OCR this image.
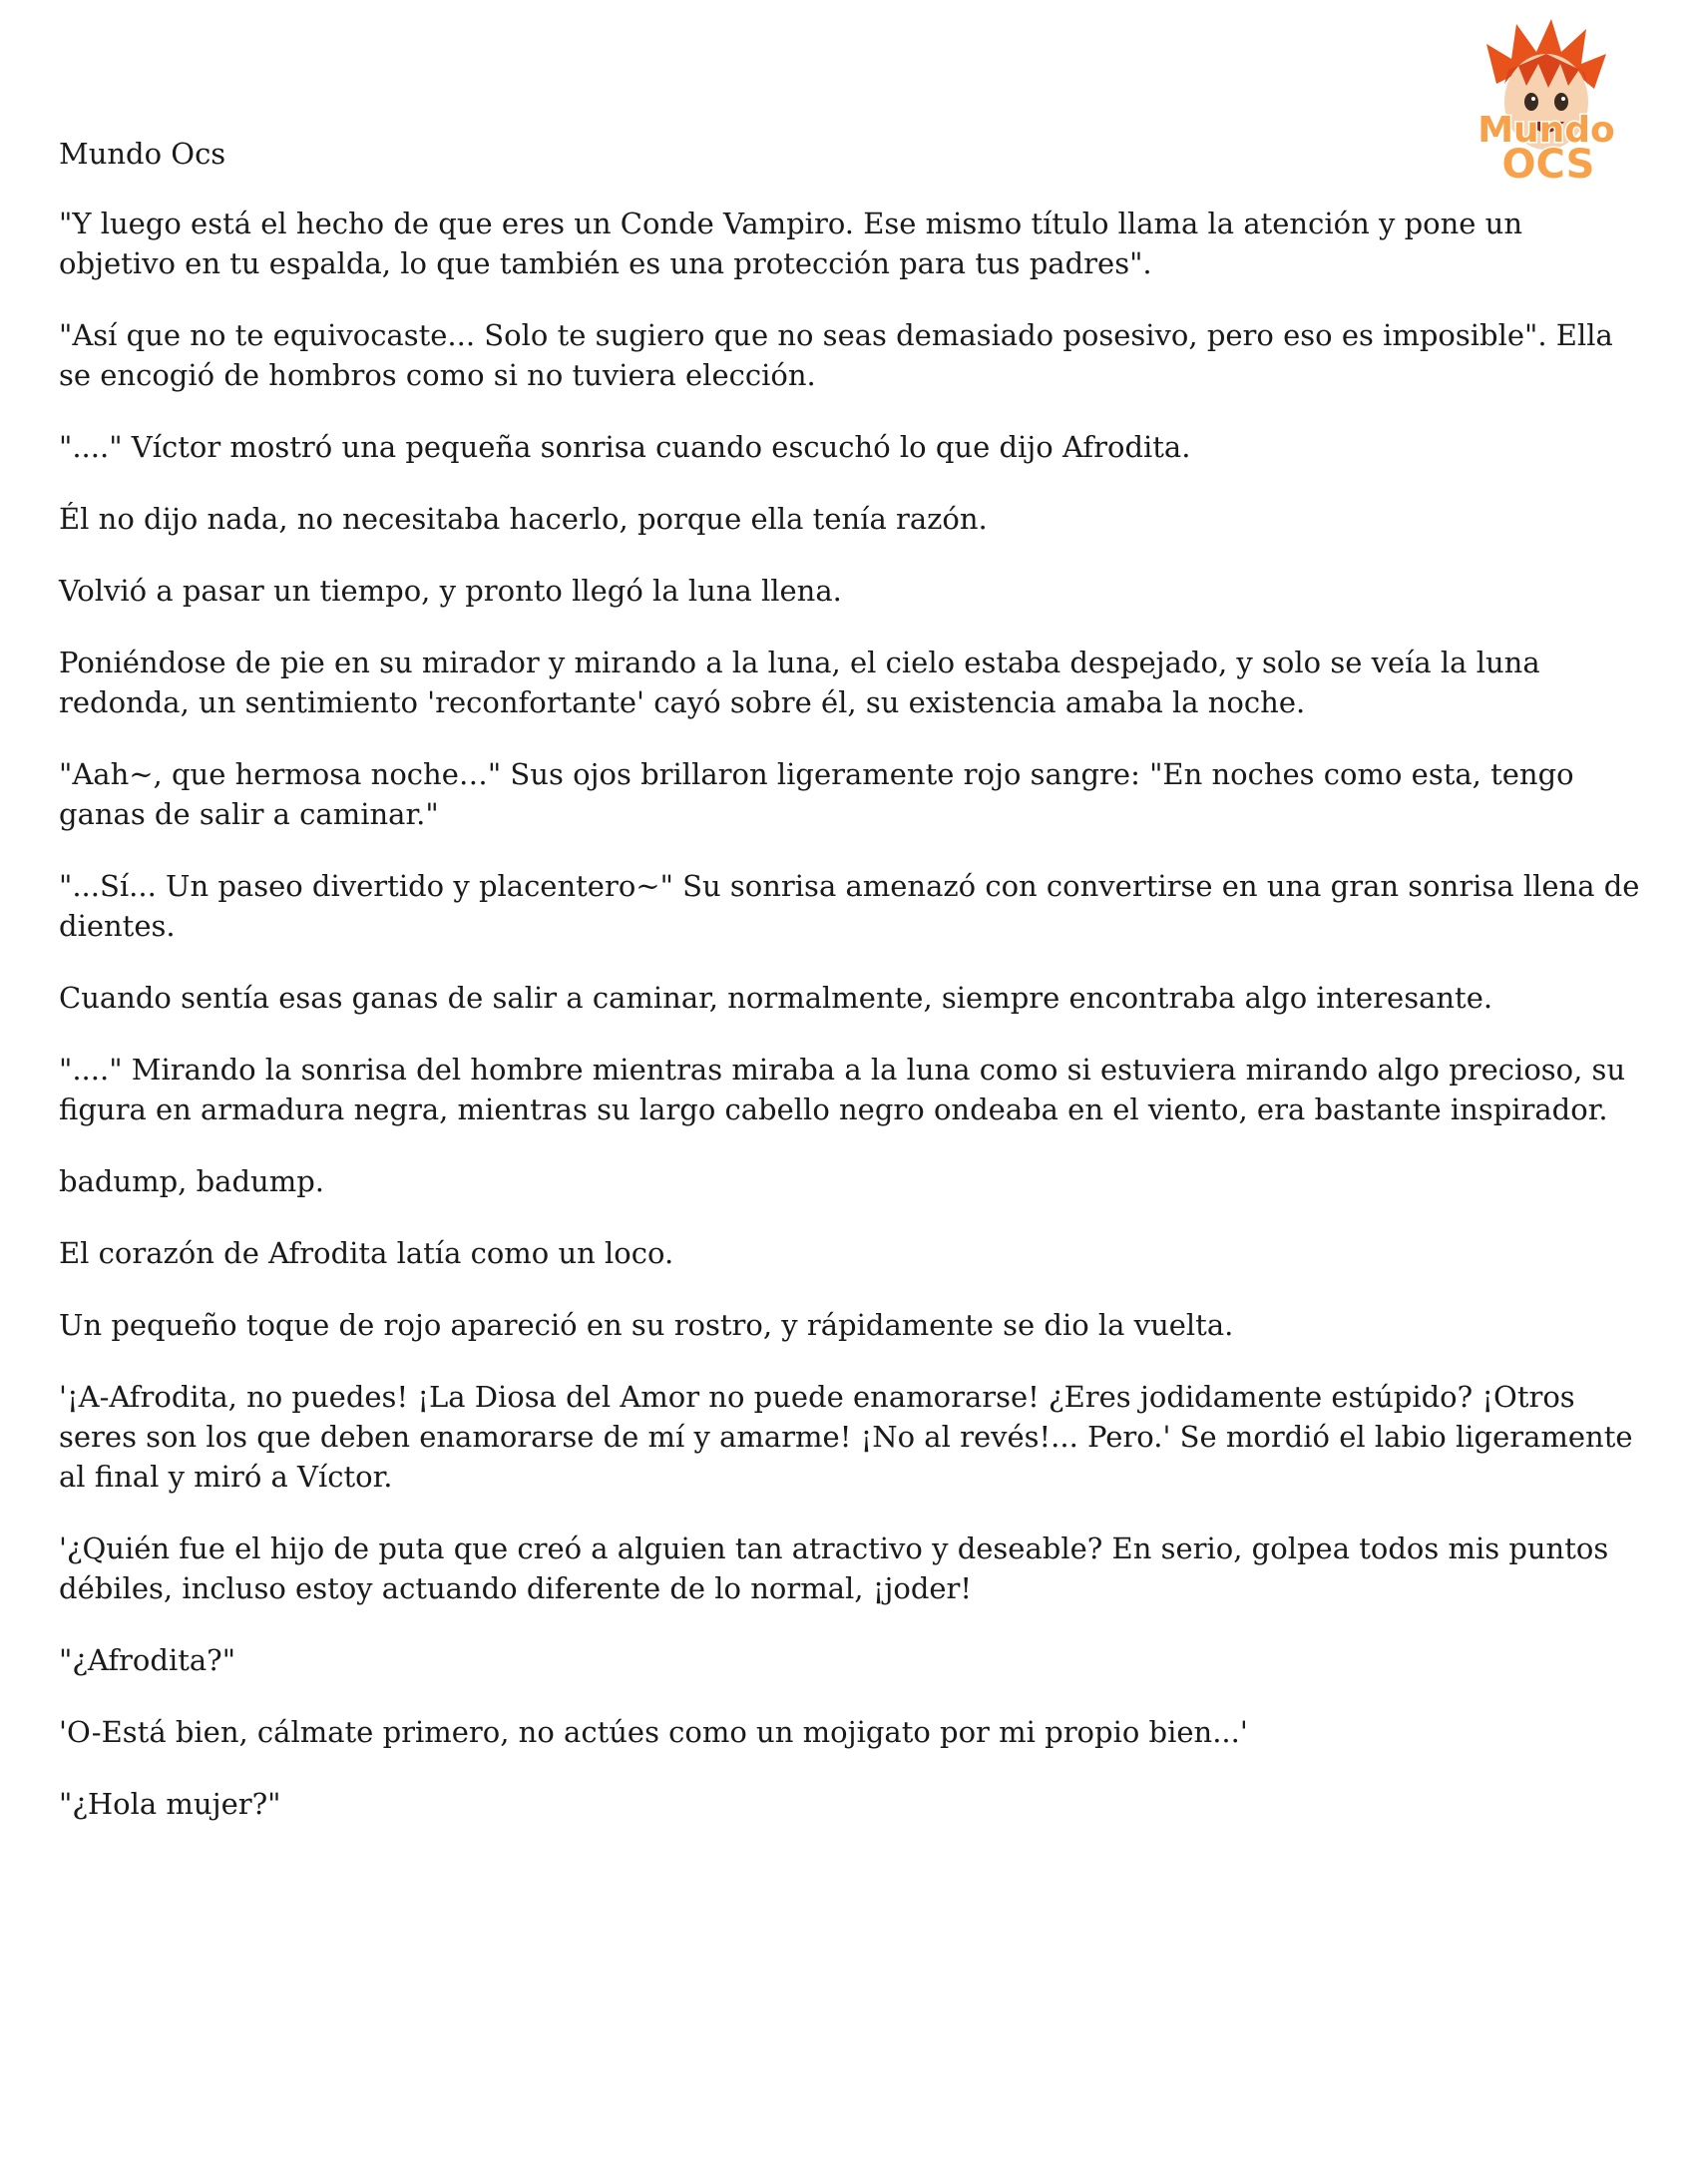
Mundo Ocs
Mundo
OCS

"Y luego está el hecho de que eres un Conde Vampiro. Ese mismo título llama la atención y pone un objetivo en tu espalda, lo que también es una protección para tus padres".

"Así que no te equivocaste... Solo te sugiero que no seas demasiado posesivo, pero eso es imposible". Ella se encogió de hombros como si no tuviera elección.

"...." Víctor mostró una pequeña sonrisa cuando escuchó lo que dijo Afrodita.

Él no dijo nada, no necesitaba hacerlo, porque ella tenía razón.

Volvió a pasar un tiempo, y pronto llegó la luna llena.

Poniéndose de pie en su mirador y mirando a la luna, el cielo estaba despejado, y solo se veía la luna redonda, un sentimiento 'reconfortante' cayó sobre él, su existencia amaba la noche.

"Aah~, que hermosa noche…" Sus ojos brillaron ligeramente rojo sangre: "En noches como esta, tengo ganas de salir a caminar."

"...Sí... Un paseo divertido y placentero~" Su sonrisa amenazó con convertirse en una gran sonrisa llena de dientes.

Cuando sentía esas ganas de salir a caminar, normalmente, siempre encontraba algo interesante.

"...." Mirando la sonrisa del hombre mientras miraba a la luna como si estuviera mirando algo precioso, su figura en armadura negra, mientras su largo cabello negro ondeaba en el viento, era bastante inspirador.

badump, badump.

El corazón de Afrodita latía como un loco.

Un pequeño toque de rojo apareció en su rostro, y rápidamente se dio la vuelta.

'¡A-Afrodita, no puedes! ¡La Diosa del Amor no puede enamorarse! ¿Eres jodidamente estúpido? ¡Otros seres son los que deben enamorarse de mí y amarme! ¡No al revés!... Pero.' Se mordió el labio ligeramente al final y miró a Víctor.

'¿Quién fue el hijo de puta que creó a alguien tan atractivo y deseable? En serio, golpea todos mis puntos débiles, incluso estoy actuando diferente de lo normal, ¡joder!

"¿Afrodita?"

'O-Está bien, cálmate primero, no actúes como un mojigato por mi propio bien...'

"¿Hola mujer?"
